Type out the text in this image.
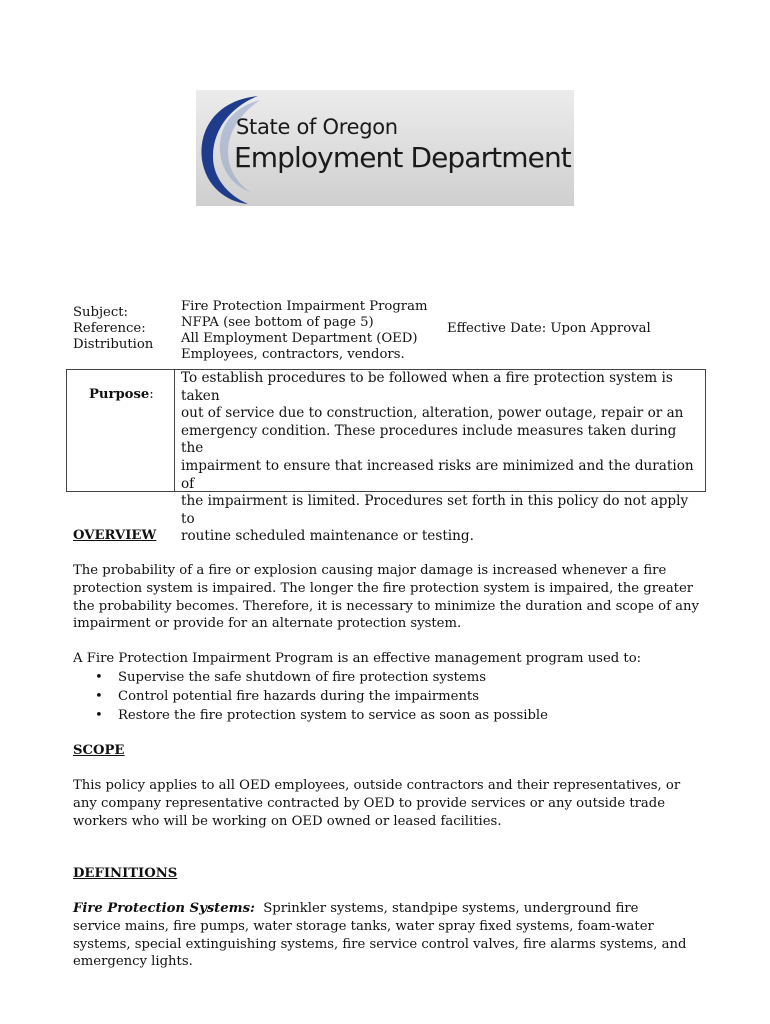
State of Oregon
Employment Department
Subject:
Reference:
Distribution
Fire Protection Impairment Program
NFPA (see bottom of page 5)
All Employment Department (OED)
Employees, contractors, vendors.
Effective Date: Upon Approval
Purpose:
To establish procedures to be followed when a fire protection system is taken
out of service due to construction, alteration, power outage, repair or an
emergency condition. These procedures include measures taken during the
impairment to ensure that increased risks are minimized and the duration of
the impairment is limited. Procedures set forth in this policy do not apply to
routine scheduled maintenance or testing.
OVERVIEW
The probability of a fire or explosion causing major damage is increased whenever a fire
protection system is impaired. The longer the fire protection system is impaired, the greater
the probability becomes. Therefore, it is necessary to minimize the duration and scope of any
impairment or provide for an alternate protection system.
A Fire Protection Impairment Program is an effective management program used to:
• Supervise the safe shutdown of fire protection systems
• Control potential fire hazards during the impairments
• Restore the fire protection system to service as soon as possible
SCOPE
This policy applies to all OED employees, outside contractors and their representatives, or
any company representative contracted by OED to provide services or any outside trade
workers who will be working on OED owned or leased facilities.
DEFINITIONS
Fire Protection Systems:  Sprinkler systems, standpipe systems, underground fire
service mains, fire pumps, water storage tanks, water spray fixed systems, foam-water
systems, special extinguishing systems, fire service control valves, fire alarms systems, and
emergency lights.
